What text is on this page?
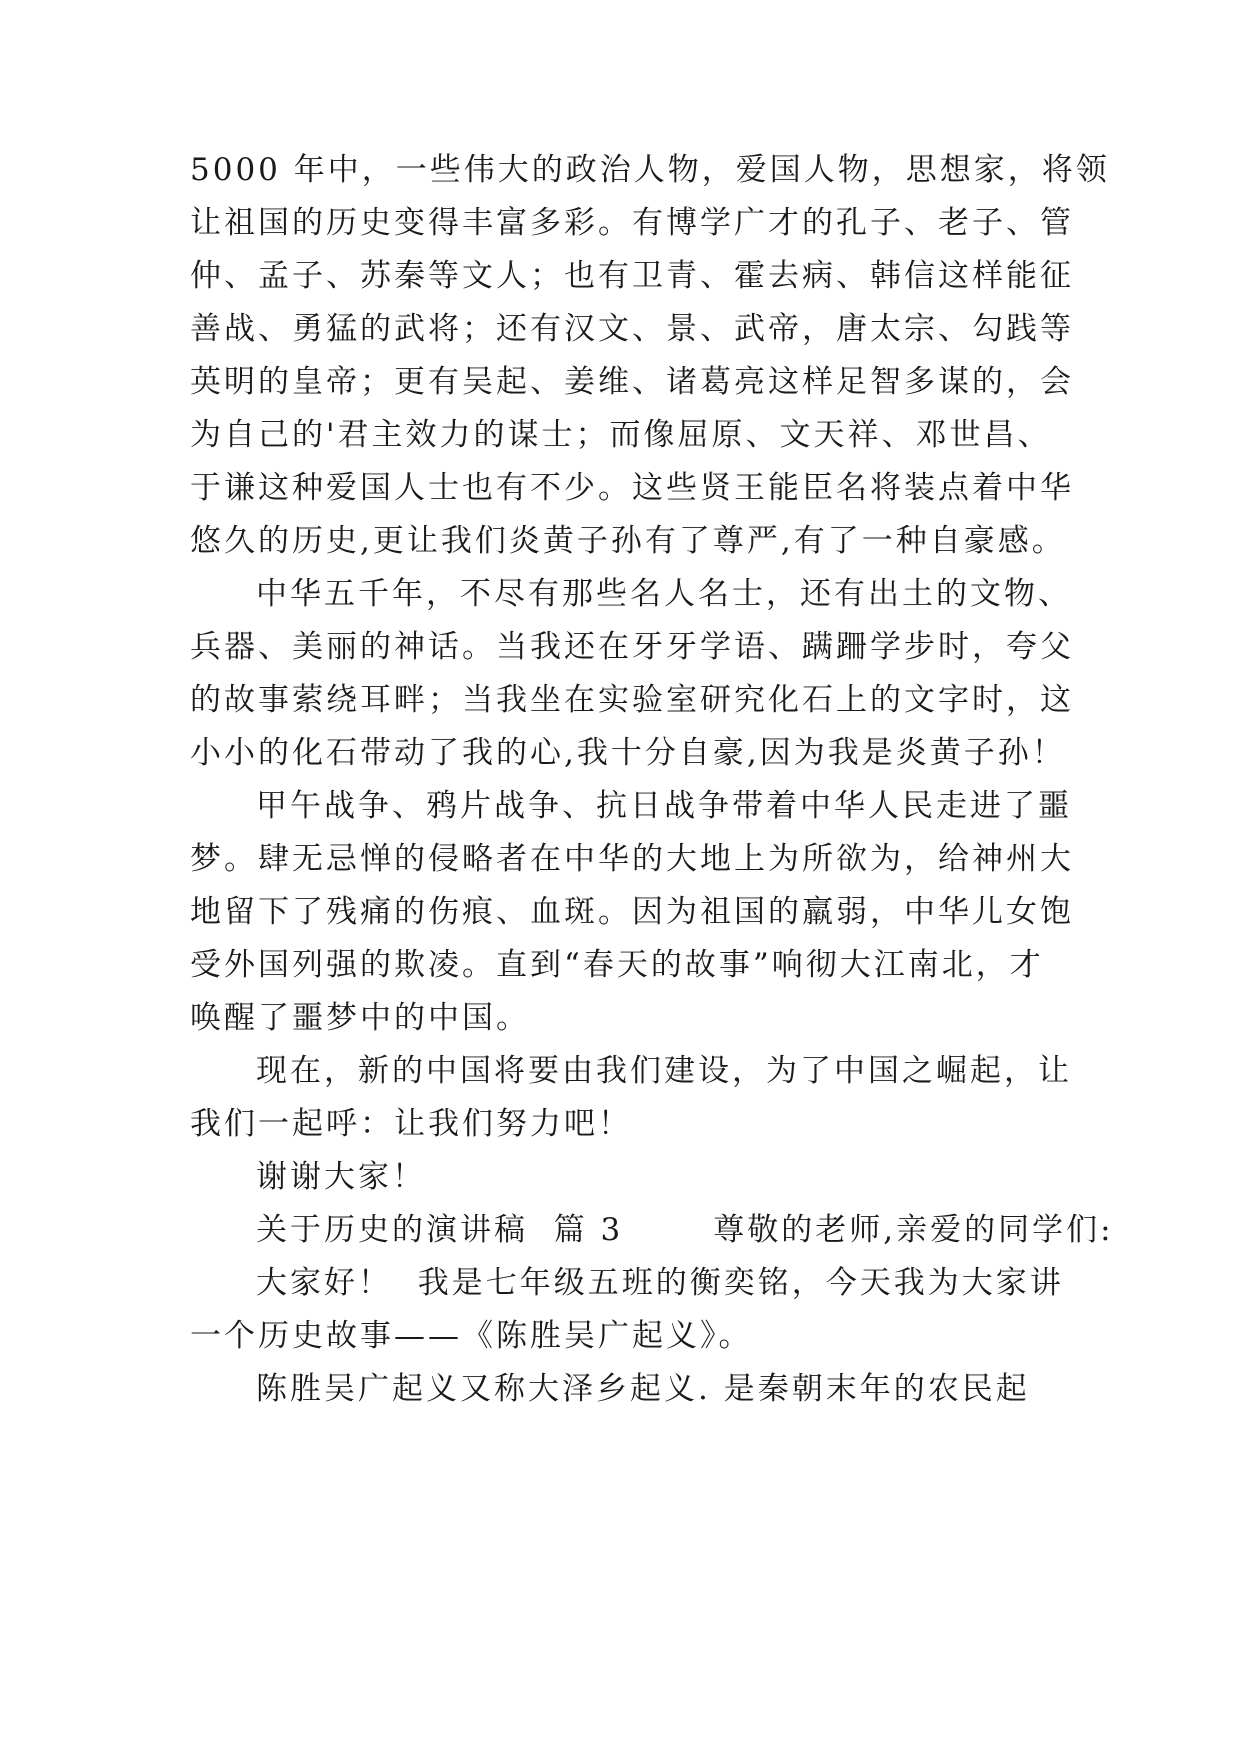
5000 年中，一些伟大的政治人物，爱国人物，思想家，将领
让祖国的历史变得丰富多彩。有博学广才的孔子、老子、管
仲、孟子、苏秦等文人；也有卫青、霍去病、韩信这样能征
善战、勇猛的武将；还有汉文、景、武帝，唐太宗、勾践等
英明的皇帝；更有吴起、姜维、诸葛亮这样足智多谋的，会
为自己的'君主效力的谋士；而像屈原、文天祥、邓世昌、
于谦这种爱国人士也有不少。这些贤王能臣名将装点着中华
悠久的历史,更让我们炎黄子孙有了尊严,有了一种自豪感。
中华五千年，不尽有那些名人名士，还有出土的文物、
兵器、美丽的神话。当我还在牙牙学语、蹒跚学步时，夸父
的故事萦绕耳畔；当我坐在实验室研究化石上的文字时，这
小小的化石带动了我的心,我十分自豪,因为我是炎黄子孙！
甲午战争、鸦片战争、抗日战争带着中华人民走进了噩
梦。肆无忌惮的侵略者在中华的大地上为所欲为，给神州大
地留下了残痛的伤痕、血斑。因为祖国的羸弱，中华儿女饱
受外国列强的欺凌。直到“春天的故事”响彻大江南北，才
唤醒了噩梦中的中国。
现在，新的中国将要由我们建设，为了中国之崛起，让
我们一起呼：让我们努力吧！
谢谢大家！
关于历史的演讲稿  篇 3       尊敬的老师,亲爱的同学们:
大家好！  我是七年级五班的衡奕铭，今天我为大家讲
一个历史故事——《陈胜吴广起义》。
陈胜吴广起义又称大泽乡起义. 是秦朝末年的农民起
